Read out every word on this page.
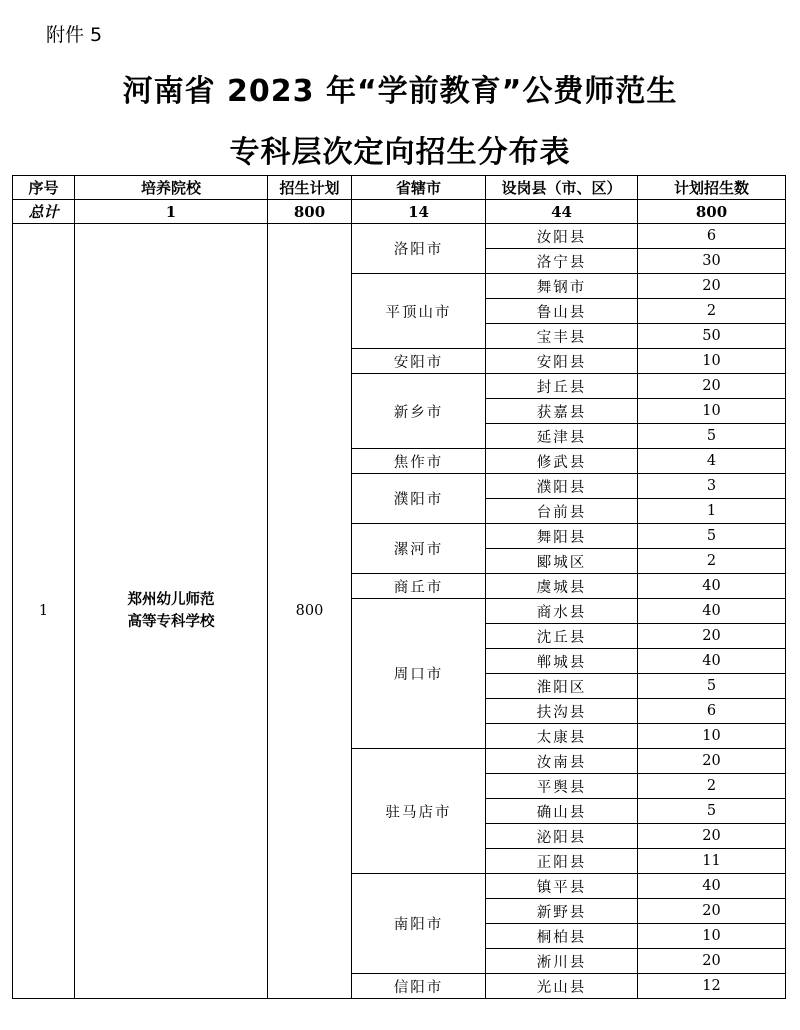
附件 5
河南省 2023 年“学前教育”公费师范生
专科层次定向招生分布表
序号	培养院校	招生计划	省辖市	设岗县（市、区）	计划招生数
总计	1	800	14	44	800
1	郑州幼儿师范
高等专科学校	800	洛阳市	汝阳县	6
				洛宁县	30
			平顶山市	舞钢市	20
				鲁山县	2
				宝丰县	50
			安阳市	安阳县	10
			新乡市	封丘县	20
				获嘉县	10
				延津县	5
			焦作市	修武县	4
			濮阳市	濮阳县	3
				台前县	1
			漯河市	舞阳县	5
				郾城区	2
			商丘市	虞城县	40
			周口市	商水县	40
				沈丘县	20
				郸城县	40
				淮阳区	5
				扶沟县	6
				太康县	10
			驻马店市	汝南县	20
				平舆县	2
				确山县	5
				泌阳县	20
				正阳县	11
			南阳市	镇平县	40
				新野县	20
				桐柏县	10
				淅川县	20
			信阳市	光山县	12
